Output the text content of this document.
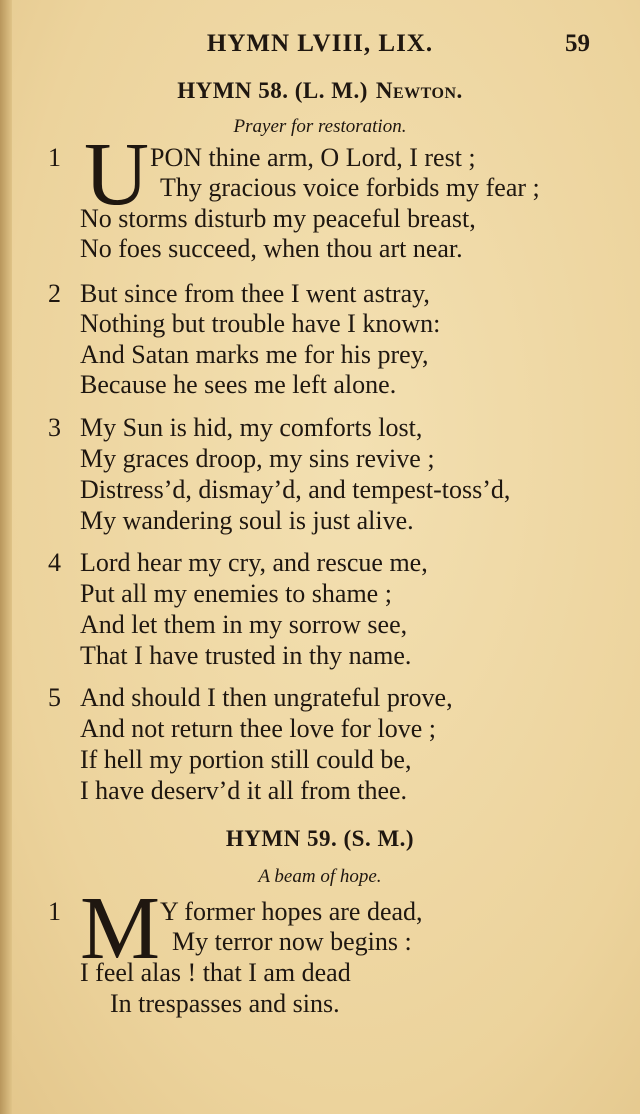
HYMN LVIII, LIX.	59
HYMN 58. (L. M.) Newton.
Prayer for restoration.
1 U PON thine arm, O Lord, I rest ;
Thy gracious voice forbids my fear ;
No storms disturb my peaceful breast,
No foes succeed, when thou art near.
2 But since from thee I went astray,
Nothing but trouble have I known:
And Satan marks me for his prey,
Because he sees me left alone.
3 My Sun is hid, my comforts lost,
My graces droop, my sins revive ;
Distress’d, dismay’d, and tempest-toss’d,
My wandering soul is just alive.
4 Lord hear my cry, and rescue me,
Put all my enemies to shame ;
And let them in my sorrow see,
That I have trusted in thy name.
5 And should I then ungrateful prove,
And not return thee love for love ;
If hell my portion still could be,
I have deserv’d it all from thee.
HYMN 59. (S. M.)
A beam of hope.
1 M Y former hopes are dead,
My terror now begins :
I feel alas ! that I am dead
In trespasses and sins.
